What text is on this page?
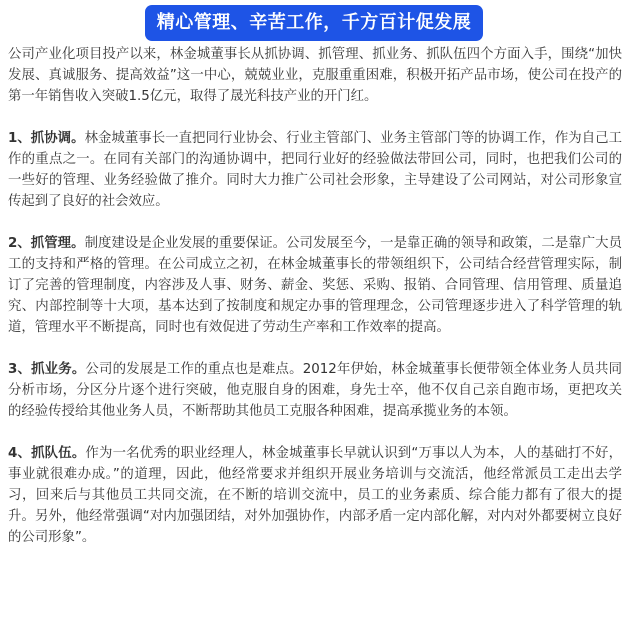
精心管理、辛苦工作，千方百计促发展

公司产业化项目投产以来，林金城董事长从抓协调、抓管理、抓业务、抓队伍四个方面入手，围绕“加快发展、真诚服务、提高效益”这一中心，兢兢业业，克服重重困难，积极开拓产品市场，使公司在投产的第一年销售收入突破1.5亿元，取得了晟光科技产业的开门红。

1、抓协调。林金城董事长一直把同行业协会、行业主管部门、业务主管部门等的协调工作，作为自己工作的重点之一。在同有关部门的沟通协调中，把同行业好的经验做法带回公司，同时，也把我们公司的一些好的管理、业务经验做了推介。同时大力推广公司社会形象，主导建设了公司网站，对公司形象宣传起到了良好的社会效应。

2、抓管理。制度建设是企业发展的重要保证。公司发展至今，一是靠正确的领导和政策，二是靠广大员工的支持和严格的管理。在公司成立之初，在林金城董事长的带领组织下，公司结合经营管理实际，制订了完善的管理制度，内容涉及人事、财务、薪金、奖惩、采购、报销、合同管理、信用管理、质量追究、内部控制等十大项，基本达到了按制度和规定办事的管理理念，公司管理逐步进入了科学管理的轨道，管理水平不断提高，同时也有效促进了劳动生产率和工作效率的提高。

3、抓业务。公司的发展是工作的重点也是难点。2012年伊始，林金城董事长便带领全体业务人员共同分析市场，分区分片逐个进行突破，他克服自身的困难，身先士卒，他不仅自己亲自跑市场，更把攻关的经验传授给其他业务人员，不断帮助其他员工克服各种困难，提高承揽业务的本领。

4、抓队伍。作为一名优秀的职业经理人，林金城董事长早就认识到“万事以人为本，人的基础打不好，事业就很难办成。”的道理，因此，他经常要求并组织开展业务培训与交流活，他经常派员工走出去学习，回来后与其他员工共同交流，在不断的培训交流中，员工的业务素质、综合能力都有了很大的提升。另外，他经常强调“对内加强团结，对外加强协作，内部矛盾一定内部化解，对内对外都要树立良好的公司形象”。
